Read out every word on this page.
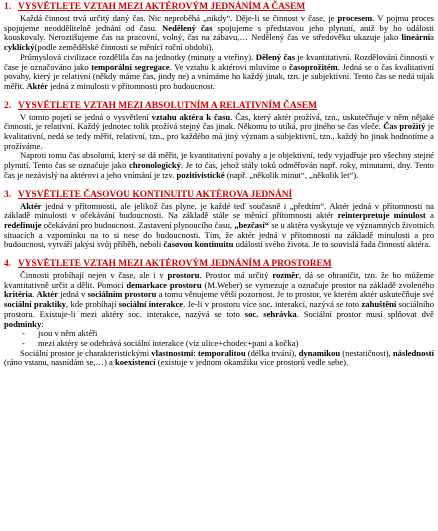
1. VYSVĚTLETE VZTAH MEZI AKTÉROVÝM JEDNÁNÍM A ČASEM

Každá činnost trvá určitý daný čas. Nic neproběhá „nikdy“. Děje-li se činnost v čase, je procesem. V pojmu proces spojujeme neoddělitelně jednání od času. Nedělený čas spojujeme s představou jeho plynutí, aniž by ho události kouskovaly. Neroztišujeme čas na pracovní, volný, čas na zábavu,… Nedělený čas ve středověku ukazuje jako lineárnía cyklický(podle zemědělské činnosti se měnící roční období).

Průmyslová civilizace rozdělila čas na jednotky (minuty a vteřiny). Dělený čas je kvantitativní. Rozdělování činností v čase je označováno jako temporální segregace. Ve vztahu k aktérovi mluvíme o časoprožitém. Jedná se o čas kvalitativní povahy, který je relativní (někdy máme čas, jindy ne) a vnímáme ho každý jinak, tzn. je subjektivní. Tento čas se nedá nijak měřit. Aktér jedná z minulosti v přítomnosti pro budoucnost.

2. VYSVĚTLETE VZTAH MEZI ABSOLUTNÍM A RELATIVNÍM ČASEM

V tomto pojetí se jedná o vysvětlení vztahu aktéra k času. Čas, který aktér prožívá, tzn., uskutečňuje v něm nějaké činnosti, je relativní. Každý jednotec tolik prožívá stejný čas jinak. Někomu to utíká, pro jiného se čas vleče. Čas prožitý je kvalitativní, nedá se tedy měřit, relativní, tzn., pro každého má jiný význam a subjektivní, tzn., každý ho jinak hodnotíme a prožíváme.

Naproti tomu čas absolutní, který se dá měřit, je kvantitativní povahy a je objektivní, tedy vyjadřuje pro všechny stejné plynutí. Tento čas se označuje jako chronologický. Je to čas, jehož stály toků odměřován např. roky, minutami, dny. Tento čas je nezávislý na aktérovi a jeho vnímání je tzv. pozitivistické (např. „několik minut“, „několik let“).

3. VYSVĚTLETE ČASOVOU KONTINUITU AKTÉROVA JEDNÁNÍ

Aktér jedná v přítomnosti, ale jelikož čas plyne, je každé teď současně i „předtím“. Aktér jedná v přítomnosti na základě minulosti v očekávání budoucnosti. Na základě stále se měnící přítomnosti aktér reinterpretuje minulost a redefinuje očekávání pro budoucnost. Zastavení plynoucího času, „bezčasí“ se u aktéra vyskytuje ve významných životních situacích a vzpomínku na to si nese do budoucnosti. Tím, že aktér jedná v přítomnosti na základě minulosti a pro budoucnost, vytváří jakýsi svůj příběh, neboli časovou kontinuitu událostí svého života. Je to souvislá řada činností aktéra.

4. VYSVĚTLETE VZTAH MEZI AKTÉROVÝM JEDNÁNÍM A PROSTOREM

Činnosti probíhají nejen v čase, ale i v prostoru. Prostor má určitý rozměr, dá se ohraničit, tzn. že ho můžeme kvantitativně určit a dělit. Pomocí demarkace prostoru (M.Weber) se vymezuje a označuje prostor na základě zvoleného kritéria. Aktér jedná v sociálním prostoru a tomu věnujeme větší pozornost. Je to prostor, ve kterém aktér uskutečňuje své sociální praktiky, kde probíhají sociální interakce. Je-li v prostoru více soc. interakcí, nazývá se toto zahuštění sociálního prostoru. Existuje-li mezi aktéry soc. interakce, nazývá se toto soc. sehrávka. Sociální prostor musí splňovat dvě podmínky:

- jsou v něm aktéři
- mezi aktéry se odehrává sociální interakce (viz ulice+chodec+pani a kočka)

Sociální prostor je charakteristickými vlastnostmi: temporalitou (délka trvání), dynamikou (nestatičnost), následností (ráno vstanu, nasnídám se,…) a koexistencí (existuje v jednom okamžiku více prostorů vedle sebe).
